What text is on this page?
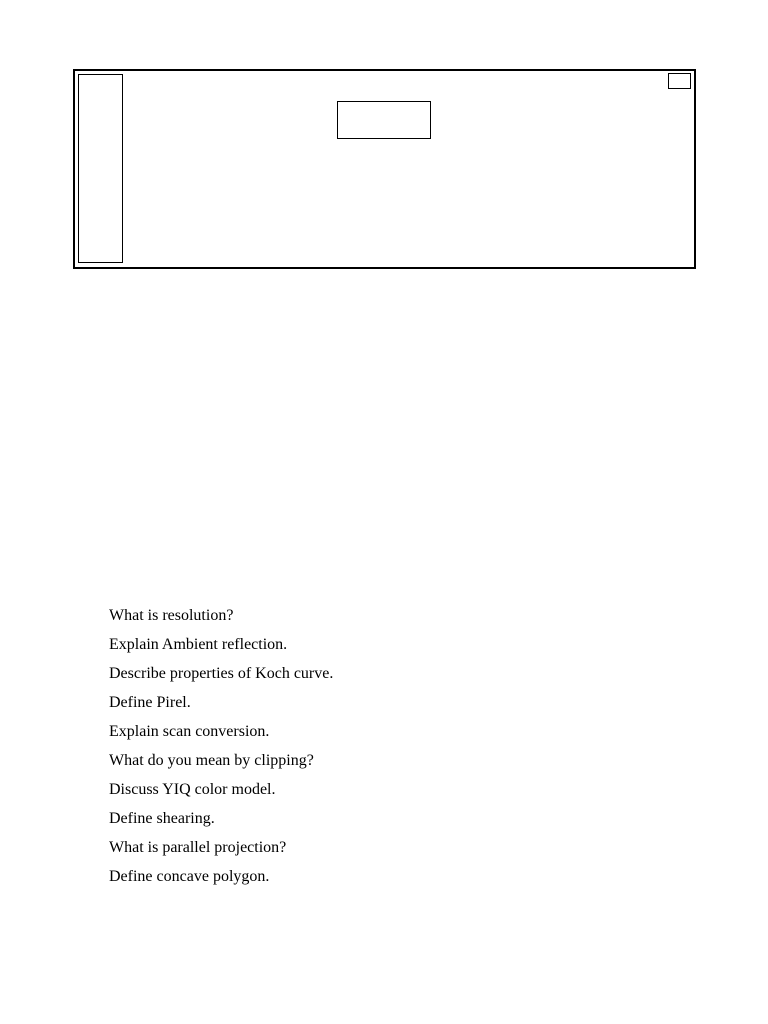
What is resolution?
Explain Ambient reflection.
Describe properties of Koch curve.
Define Pirel.
Explain scan conversion.
What do you mean by clipping?
Discuss YIQ color model.
Define shearing.
What is parallel projection?
Define concave polygon.
